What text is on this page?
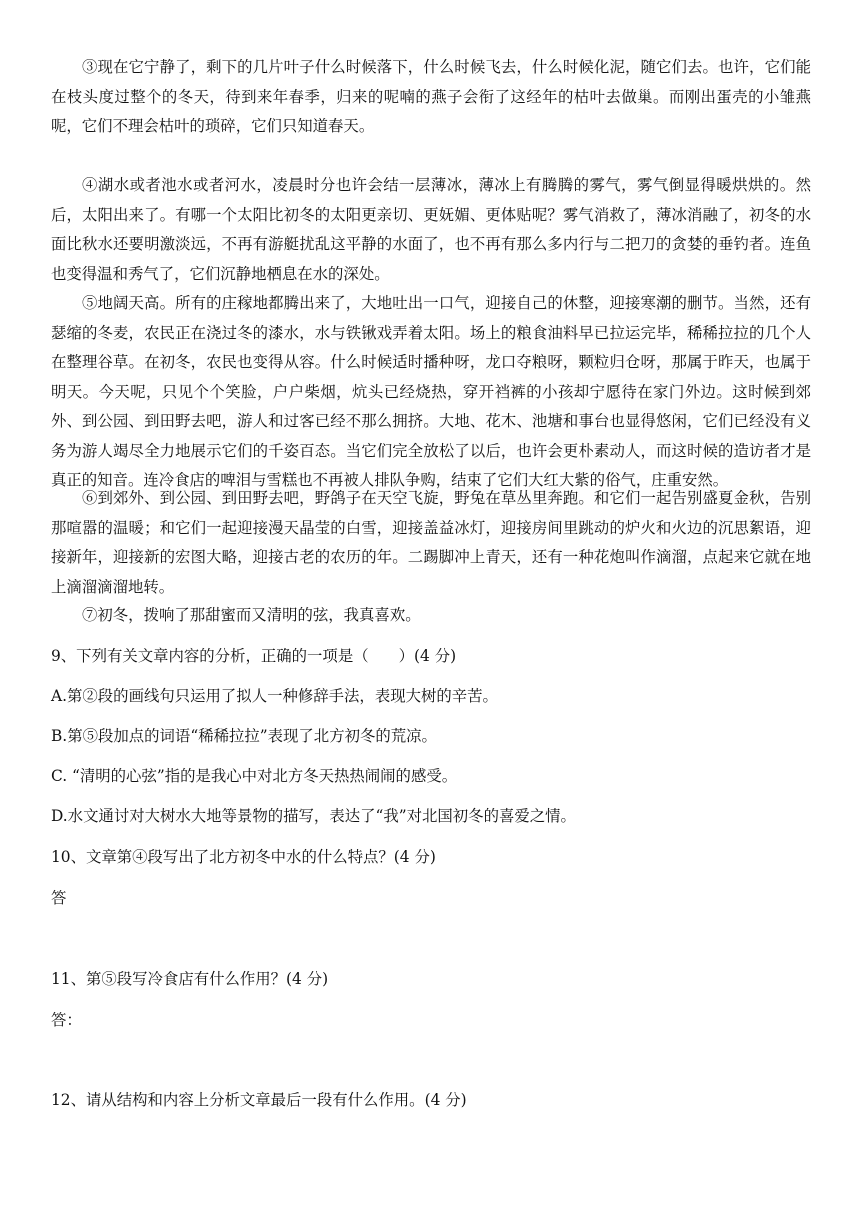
③现在它宁静了，剩下的几片叶子什么时候落下，什么时候飞去，什么时候化泥，随它们去。也许，它们能在枝头度过整个的冬天，待到来年春季，归来的呢喃的燕子会衔了这经年的枯叶去做巢。而刚出蛋壳的小雏燕呢，它们不理会枯叶的琐碎，它们只知道春天。

④湖水或者池水或者河水，凌晨时分也许会结一层薄冰，薄冰上有腾腾的雾气，雾气倒显得暖烘烘的。然后，太阳出来了。有哪一个太阳比初冬的太阳更亲切、更妩媚、更体贴呢？雾气消救了，薄冰消融了，初冬的水面比秋水还要明激淡远，不再有游艇扰乱这平静的水面了，也不再有那么多内行与二把刀的贪婪的垂钓者。连鱼也变得温和秀气了，它们沉静地栖息在水的深处。

⑤地阔天高。所有的庄稼地都腾出来了，大地吐出一口气，迎接自己的休整，迎接寒潮的删节。当然，还有瑟缩的冬麦，农民正在浇过冬的漆水，水与铁锹戏弄着太阳。场上的粮食油料早已拉运完毕，稀稀拉拉的几个人在整理谷草。在初冬，农民也变得从容。什么时候适时播种呀，龙口夺粮呀，颗粒归仓呀，那属于昨天，也属于明天。今天呢，只见个个笑脸，户户柴烟，炕头已经烧热，穿开裆裤的小孩却宁愿待在家门外边。这时候到郊外、到公园、到田野去吧，游人和过客已经不那么拥挤。大地、花木、池塘和事台也显得悠闲，它们已经没有义务为游人竭尽全力地展示它们的千姿百态。当它们完全放松了以后，也许会更朴素动人，而这时候的造访者才是真正的知音。连冷食店的啤泪与雪糕也不再被人排队争购，结束了它们大红大紫的俗气，庄重安然。

⑥到郊外、到公园、到田野去吧，野鸽子在天空飞旋，野兔在草丛里奔跑。和它们一起告别盛夏金秋，告别那喧嚣的温暖；和它们一起迎接漫天晶莹的白雪，迎接盖益冰灯，迎接房间里跳动的炉火和火边的沉思絮语，迎接新年，迎接新的宏图大略，迎接古老的农历的年。二踢脚冲上青天，还有一种花炮叫作滴溜，点起来它就在地上滴溜滴溜地转。

⑦初冬，拨响了那甜蜜而又清明的弦，我真喜欢。

9、下列有关文章内容的分析，正确的一项是（ ）(4 分)

A.第②段的画线句只运用了拟人一种修辞手法，表现大树的辛苦。

B.第⑤段加点的词语“稀稀拉拉”表现了北方初冬的荒凉。

C. “清明的心弦”指的是我心中对北方冬天热热闹闹的感受。

D.水文通讨对大树水大地等景物的描写，表达了“我”对北国初冬的喜爱之情。

10、文章第④段写出了北方初冬中水的什么特点？(4 分)

答

11、第⑤段写冷食店有什么作用？(4 分)

答：

12、请从结构和内容上分析文章最后一段有什么作用。(4 分)
